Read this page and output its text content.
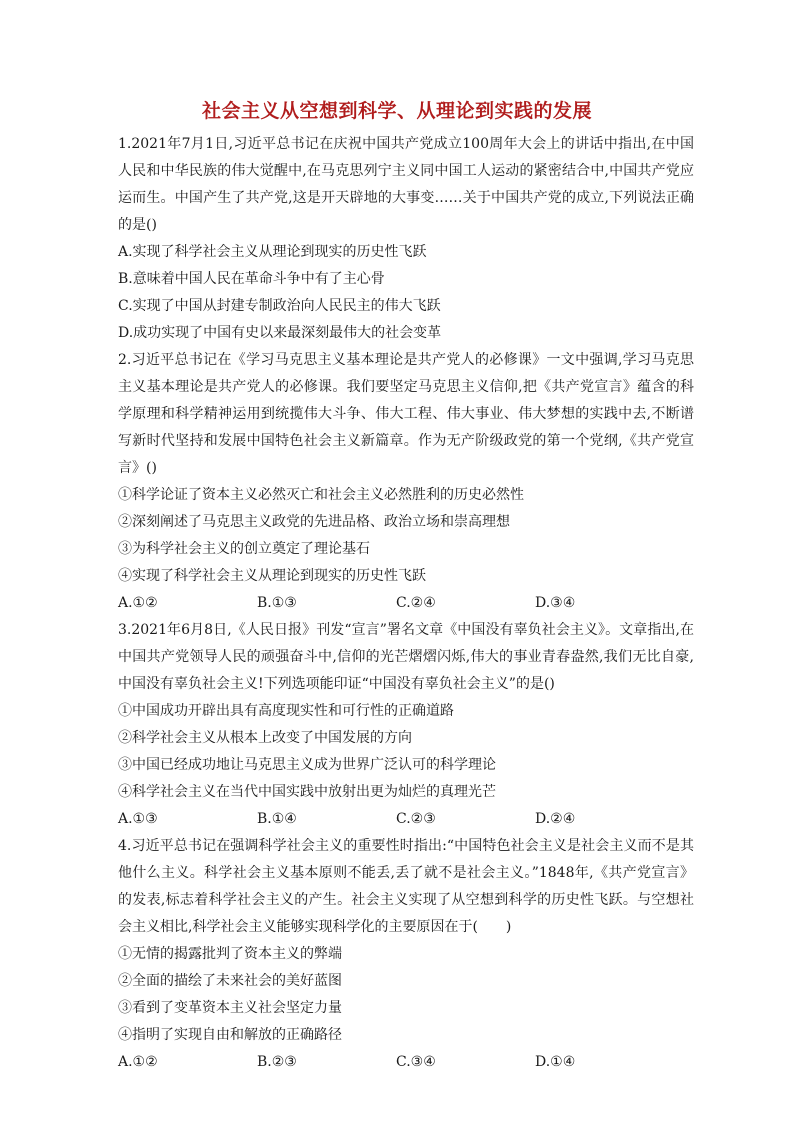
社会主义从空想到科学、从理论到实践的发展

1.2021年7月1日,习近平总书记在庆祝中国共产党成立100周年大会上的讲话中指出,在中国人民和中华民族的伟大觉醒中,在马克思列宁主义同中国工人运动的紧密结合中,中国共产党应运而生。中国产生了共产党,这是开天辟地的大事变……关于中国共产党的成立,下列说法正确的是()

A.实现了科学社会主义从理论到现实的历史性飞跃

B.意味着中国人民在革命斗争中有了主心骨

C.实现了中国从封建专制政治向人民民主的伟大飞跃

D.成功实现了中国有史以来最深刻最伟大的社会变革

2.习近平总书记在《学习马克思主义基本理论是共产党人的必修课》一文中强调,学习马克思主义基本理论是共产党人的必修课。我们要坚定马克思主义信仰,把《共产党宣言》蕴含的科学原理和科学精神运用到统揽伟大斗争、伟大工程、伟大事业、伟大梦想的实践中去,不断谱写新时代坚持和发展中国特色社会主义新篇章。作为无产阶级政党的第一个党纲,《共产党宣言》()

①科学论证了资本主义必然灭亡和社会主义必然胜利的历史必然性

②深刻阐述了马克思主义政党的先进品格、政治立场和崇高理想

③为科学社会主义的创立奠定了理论基石

④实现了科学社会主义从理论到现实的历史性飞跃

A.①②	B.①③	C.②④	D.③④

3.2021年6月8日,《人民日报》刊发“宣言”署名文章《中国没有辜负社会主义》。文章指出,在中国共产党领导人民的顽强奋斗中,信仰的光芒熠熠闪烁,伟大的事业青春盎然,我们无比自豪,中国没有辜负社会主义!下列选项能印证“中国没有辜负社会主义”的是()

①中国成功开辟出具有高度现实性和可行性的正确道路

②科学社会主义从根本上改变了中国发展的方向

③中国已经成功地让马克思主义成为世界广泛认可的科学理论

④科学社会主义在当代中国实践中放射出更为灿烂的真理光芒

A.①③	B.①④	C.②③	D.②④

4.习近平总书记在强调科学社会主义的重要性时指出:“中国特色社会主义是社会主义而不是其他什么主义。科学社会主义基本原则不能丢,丢了就不是社会主义。”1848年,《共产党宣言》的发表,标志着科学社会主义的产生。社会主义实现了从空想到科学的历史性飞跃。与空想社会主义相比,科学社会主义能够实现科学化的主要原因在于(　　)

①无情的揭露批判了资本主义的弊端

②全面的描绘了未来社会的美好蓝图

③看到了变革资本主义社会坚定力量

④指明了实现自由和解放的正确路径

A.①②	B.②③	C.③④	D.①④
